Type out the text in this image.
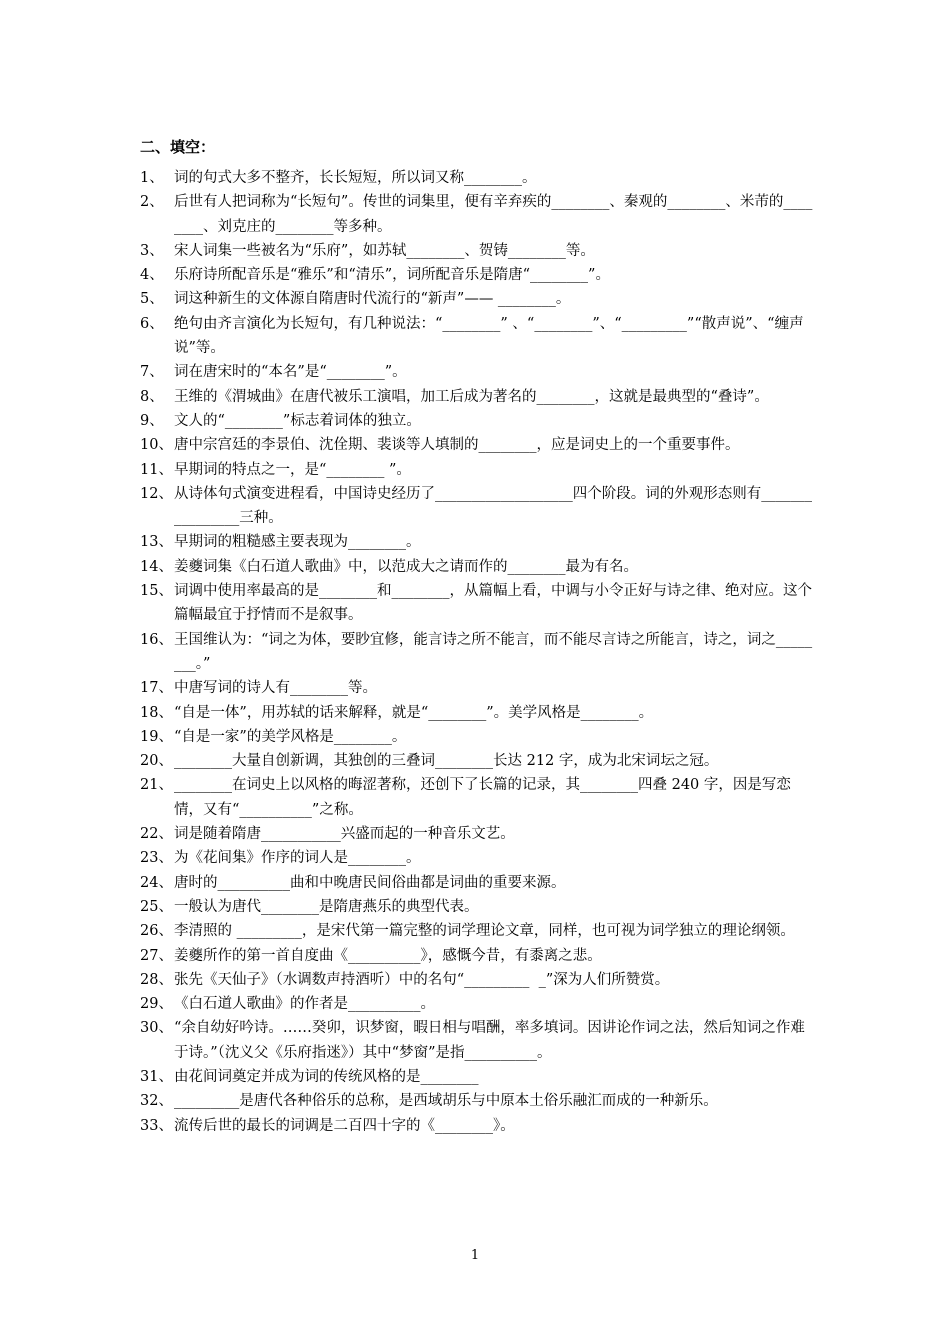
二、填空：
1、 词的句式大多不整齐，长长短短，所以词又称________。
2、 后世有人把词称为“长短句”。传世的词集里，便有辛弃疾的________、秦观的________、米芾的________、刘克庄的________等多种。
3、 宋人词集一些被名为“乐府”，如苏轼________、贺铸________等。
4、 乐府诗所配音乐是“雅乐”和“清乐”，词所配音乐是隋唐“________”。
5、 词这种新生的文体源自隋唐时代流行的“新声”—— ________。
6、 绝句由齐言演化为长短句，有几种说法：“________” 、“________”、“_________”“散声说”、“缠声说”等。
7、 词在唐宋时的“本名”是“________”。
8、 王维的《渭城曲》在唐代被乐工演唱，加工后成为著名的________，这就是最典型的“叠诗”。
9、 文人的“________”标志着词体的独立。
10、 唐中宗宫廷的李景伯、沈佺期、裴谈等人填制的________，应是词史上的一个重要事件。
11、 早期词的特点之一，是“________ ”。
12、 从诗体句式演变进程看，中国诗史经历了___________________四个阶段。词的外观形态则有________________三种。
13、 早期词的粗糙感主要表现为________。
14、 姜夔词集《白石道人歌曲》中，以范成大之请而作的________最为有名。
15、 词调中使用率最高的是________和________，从篇幅上看，中调与小令正好与诗之律、绝对应。这个篇幅最宜于抒情而不是叙事。
16、 王国维认为：“词之为体，要眇宜修，能言诗之所不能言，而不能尽言诗之所能言，诗之，词之________。”
17、 中唐写词的诗人有________等。
18、 “自是一体”，用苏轼的话来解释，就是“________”。美学风格是________。
19、 “自是一家”的美学风格是________。
20、 ________大量自创新调，其独创的三叠词________长达 212 字，成为北宋词坛之冠。
21、 ________在词史上以风格的晦涩著称，还创下了长篇的记录，其________四叠 240 字，因是写恋情，又有“__________”之称。
22、 词是随着隋唐___________兴盛而起的一种音乐文艺。
23、 为《花间集》作序的词人是________。
24、 唐时的__________曲和中晚唐民间俗曲都是词曲的重要来源。
25、 一般认为唐代________是隋唐燕乐的典型代表。
26、 李清照的 _________，是宋代第一篇完整的词学理论文章，同样，也可视为词学独立的理论纲领。
27、 姜夔所作的第一首自度曲《__________》，感慨今昔，有黍离之悲。
28、 张先《天仙子》（水调数声持酒听）中的名句“_________  _”深为人们所赞赏。
29、 《白石道人歌曲》的作者是__________。
30、 “余自幼好吟诗。……癸卯，识梦窗，暇日相与唱酬，率多填词。因讲论作词之法，然后知词之作难于诗。”（沈义父《乐府指迷》）其中“梦窗”是指__________。
31、 由花间词奠定并成为词的传统风格的是________
32、 _________是唐代各种俗乐的总称，是西域胡乐与中原本土俗乐融汇而成的一种新乐。
33、 流传后世的最长的词调是二百四十字的《________》。
1
